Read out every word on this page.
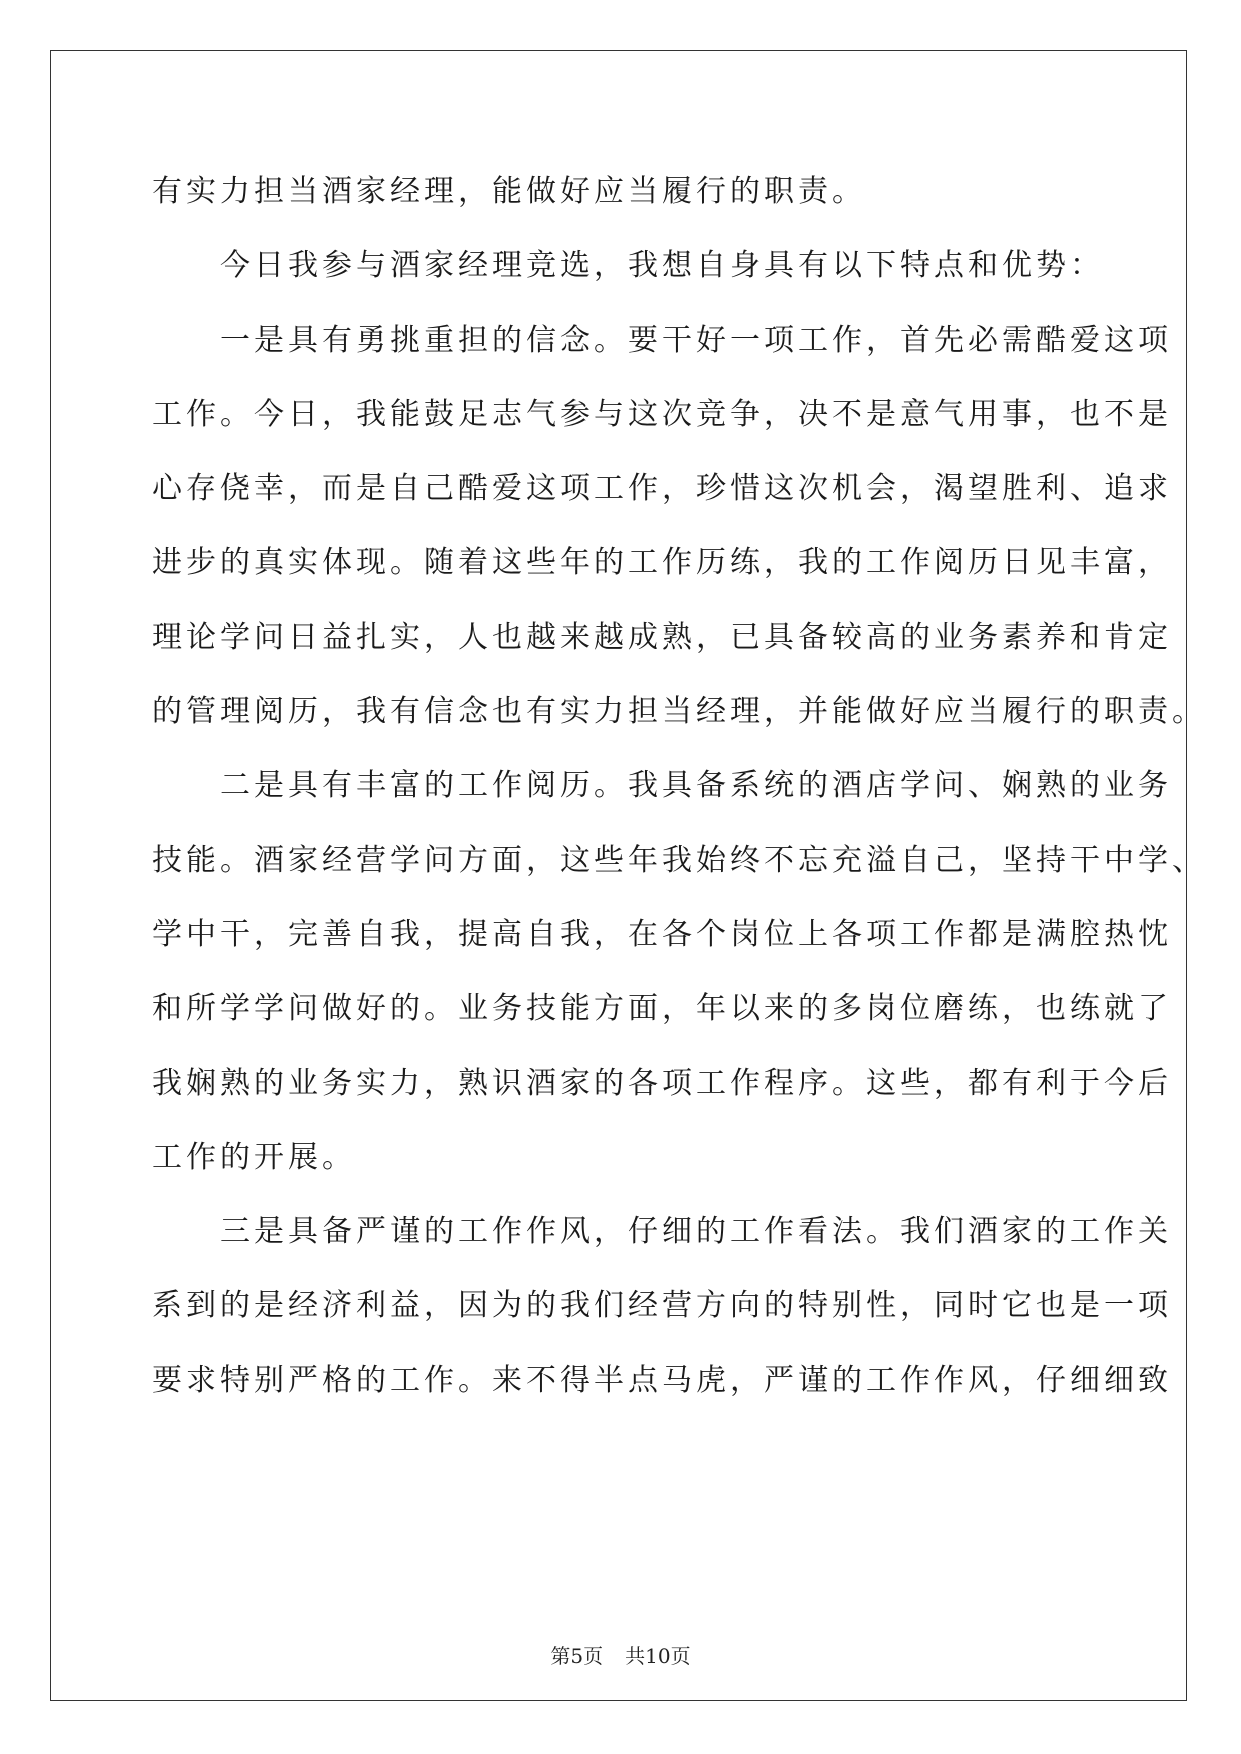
有实力担当酒家经理，能做好应当履行的职责。
　　今日我参与酒家经理竞选，我想自身具有以下特点和优势：
　　一是具有勇挑重担的信念。要干好一项工作，首先必需酷爱这项
工作。今日，我能鼓足志气参与这次竞争，决不是意气用事，也不是
心存侥幸，而是自己酷爱这项工作，珍惜这次机会，渴望胜利、追求
进步的真实体现。随着这些年的工作历练，我的工作阅历日见丰富，
理论学问日益扎实，人也越来越成熟，已具备较高的业务素养和肯定
的管理阅历，我有信念也有实力担当经理，并能做好应当履行的职责。
　　二是具有丰富的工作阅历。我具备系统的酒店学问、娴熟的业务
技能。酒家经营学问方面，这些年我始终不忘充溢自己，坚持干中学、
学中干，完善自我，提高自我，在各个岗位上各项工作都是满腔热忱
和所学学问做好的。业务技能方面，年以来的多岗位磨练，也练就了
我娴熟的业务实力，熟识酒家的各项工作程序。这些，都有利于今后
工作的开展。
　　三是具备严谨的工作作风，仔细的工作看法。我们酒家的工作关
系到的是经济利益，因为的我们经营方向的特别性，同时它也是一项
要求特别严格的工作。来不得半点马虎，严谨的工作作风，仔细细致
第5页 共10页
